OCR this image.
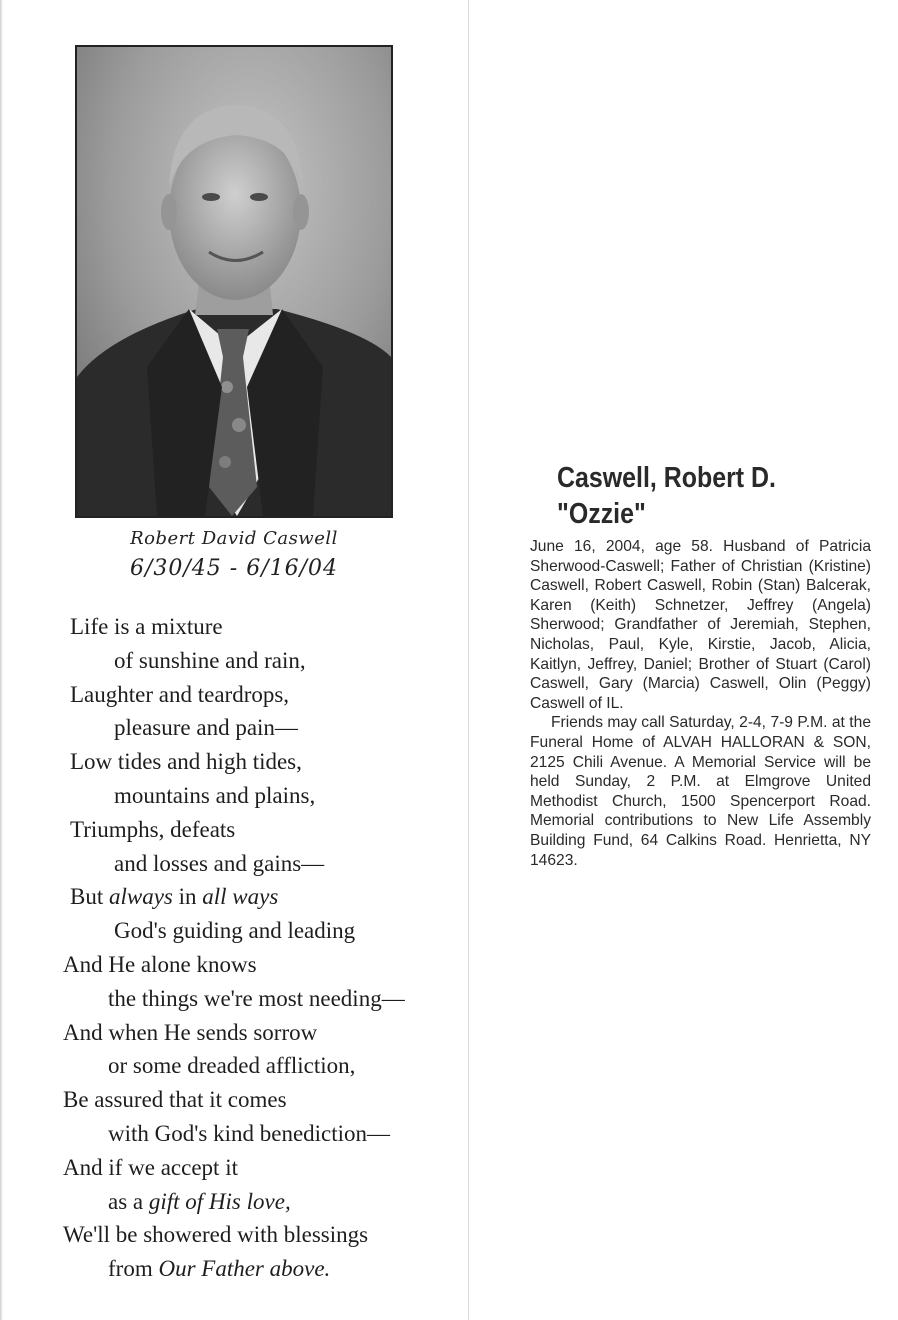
Robert David Caswell
6/30/45 - 6/16/04
Life is a mixture
of sunshine and rain,
Laughter and teardrops,
pleasure and pain—
Low tides and high tides,
mountains and plains,
Triumphs, defeats
and losses and gains—
But always in all ways
God's guiding and leading
And He alone knows
the things we're most needing—
And when He sends sorrow
or some dreaded affliction,
Be assured that it comes
with God's kind benediction—
And if we accept it
as a gift of His love,
We'll be showered with blessings
from Our Father above.
Caswell, Robert D.
"Ozzie"

June 16, 2004, age 58. Husband of Patricia Sherwood-Caswell; Father of Christian (Kristine) Caswell, Robert Caswell, Robin (Stan) Balcerak, Karen (Keith) Schnetzer, Jeffrey (Angela) Sherwood; Grandfather of Jeremiah, Stephen, Nicholas, Paul, Kyle, Kirstie, Jacob, Alicia, Kaitlyn, Jeffrey, Daniel; Brother of Stuart (Carol) Caswell, Gary (Marcia) Caswell, Olin (Peggy) Caswell of IL.

Friends may call Saturday, 2-4, 7-9 P.M. at the Funeral Home of ALVAH HALLORAN & SON, 2125 Chili Avenue. A Memorial Service will be held Sunday, 2 P.M. at Elmgrove United Methodist Church, 1500 Spencerport Road. Memorial contributions to New Life Assembly Building Fund, 64 Calkins Road. Henrietta, NY 14623.
